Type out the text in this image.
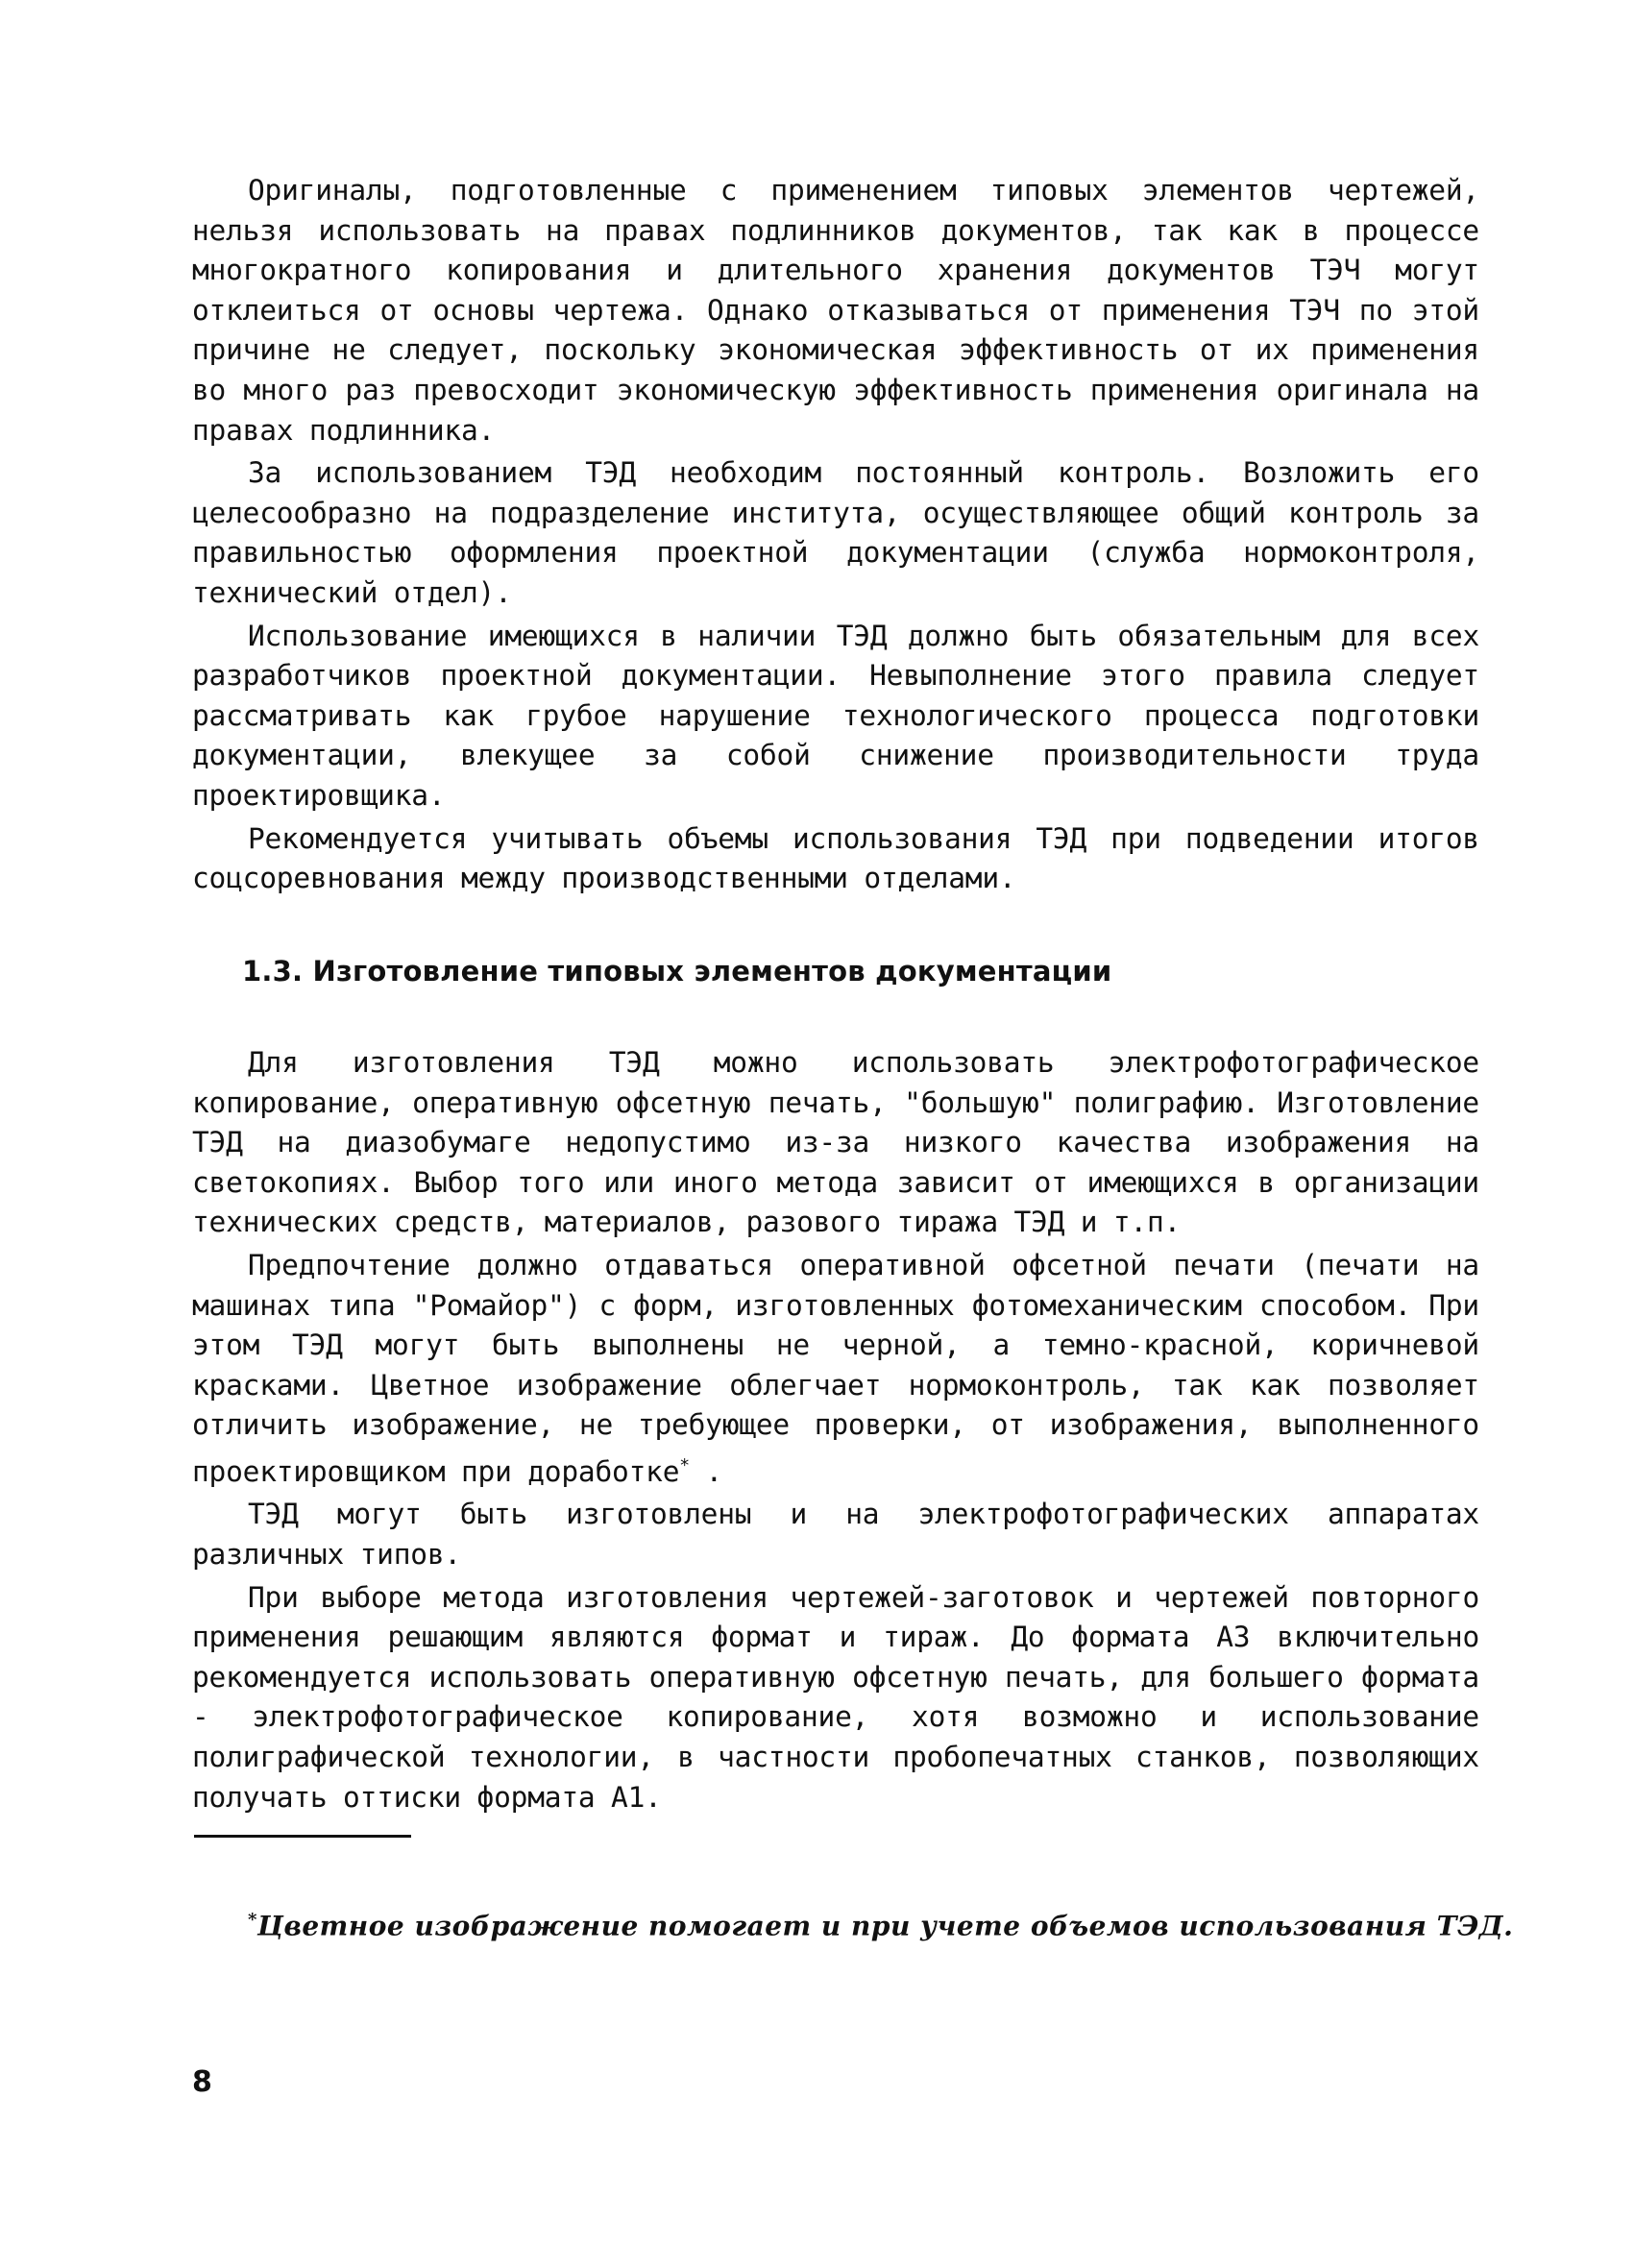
Оригиналы, подготовленные с применением типовых элементов чертежей, нельзя использовать на правах подлинников документов, так как в процессе многократного копирования и длительного хранения документов ТЭЧ могут отклеиться от основы чертежа. Однако отказываться от применения ТЭЧ по этой причине не следует, поскольку экономическая эффективность от их применения во много раз превосходит экономическую эффективность применения оригинала на правах подлинника.

За использованием ТЭД необходим постоянный контроль. Возложить его целесообразно на подразделение института, осуществляющее общий контроль за правильностью оформления проектной документации (служба нормоконтроля, технический отдел).

Использование имеющихся в наличии ТЭД должно быть обязательным для всех разработчиков проектной документации. Невыполнение этого правила следует рассматривать как грубое нарушение технологического процесса подготовки документации, влекущее за собой снижение производительности труда проектировщика.

Рекомендуется учитывать объемы использования ТЭД при подведении итогов соцсоревнования между производственными отделами.

1.3. Изготовление типовых элементов документации

Для изготовления ТЭД можно использовать электрофотографическое копирование, оперативную офсетную печать, "большую" полиграфию. Изготовление ТЭД на диазобумаге недопустимо из-за низкого качества изображения на светокопиях. Выбор того или иного метода зависит от имеющихся в организации технических средств, материалов, разового тиража ТЭД и т.п.

Предпочтение должно отдаваться оперативной офсетной печати (печати на машинах типа "Ромайор") с форм, изготовленных фотомеханическим способом. При этом ТЭД могут быть выполнены не черной, а темно-красной, коричневой красками. Цветное изображение облегчает нормоконтроль, так как позволяет отличить изображение, не требующее проверки, от изображения, выполненного проектировщиком при доработке* .

ТЭД могут быть изготовлены и на электрофотографических аппаратах различных типов.

При выборе метода изготовления чертежей-заготовок и чертежей повторного применения решающим являются формат и тираж. До формата А3 включительно рекомендуется использовать оперативную офсетную печать, для большего формата - электрофотографическое копирование, хотя возможно и использование полиграфической технологии, в частности пробопечатных станков, позволяющих получать оттиски формата А1.

*Цветное изображение помогает и при учете объемов использования ТЭД.

8
